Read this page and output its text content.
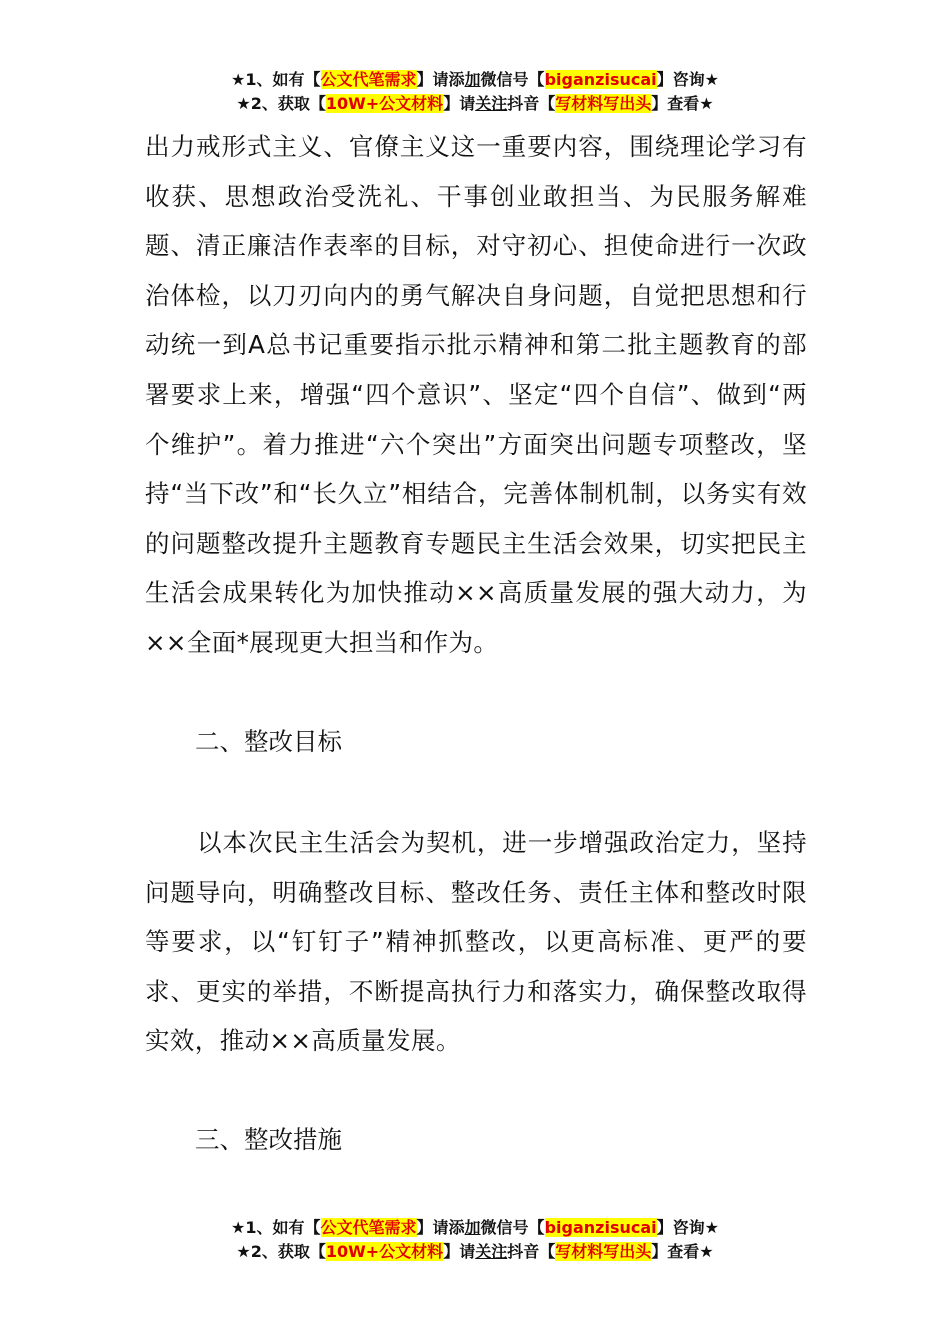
★1、如有【公文代笔需求】请添加微信号【biganzisucai】咨询★
★2、获取【10W+公文材料】请关注抖音【写材料写出头】查看★
出力戒形式主义、官僚主义这一重要内容，围绕理论学习有收获、思想政治受洗礼、干事创业敢担当、为民服务解难题、清正廉洁作表率的目标，对守初心、担使命进行一次政治体检，以刀刃向内的勇气解决自身问题，自觉把思想和行动统一到A总书记重要指示批示精神和第二批主题教育的部署要求上来，增强“四个意识”、坚定“四个自信”、做到“两个维护”。着力推进“六个突出”方面突出问题专项整改，坚持“当下改”和“长久立”相结合，完善体制机制，以务实有效的问题整改提升主题教育专题民主生活会效果，切实把民主生活会成果转化为加快推动××高质量发展的强大动力，为××全面*展现更大担当和作为。
二、整改目标
以本次民主生活会为契机，进一步增强政治定力，坚持问题导向，明确整改目标、整改任务、责任主体和整改时限等要求，以“钉钉子”精神抓整改，以更高标准、更严的要求、更实的举措，不断提高执行力和落实力，确保整改取得实效，推动××高质量发展。
三、整改措施
★1、如有【公文代笔需求】请添加微信号【biganzisucai】咨询★
★2、获取【10W+公文材料】请关注抖音【写材料写出头】查看★
